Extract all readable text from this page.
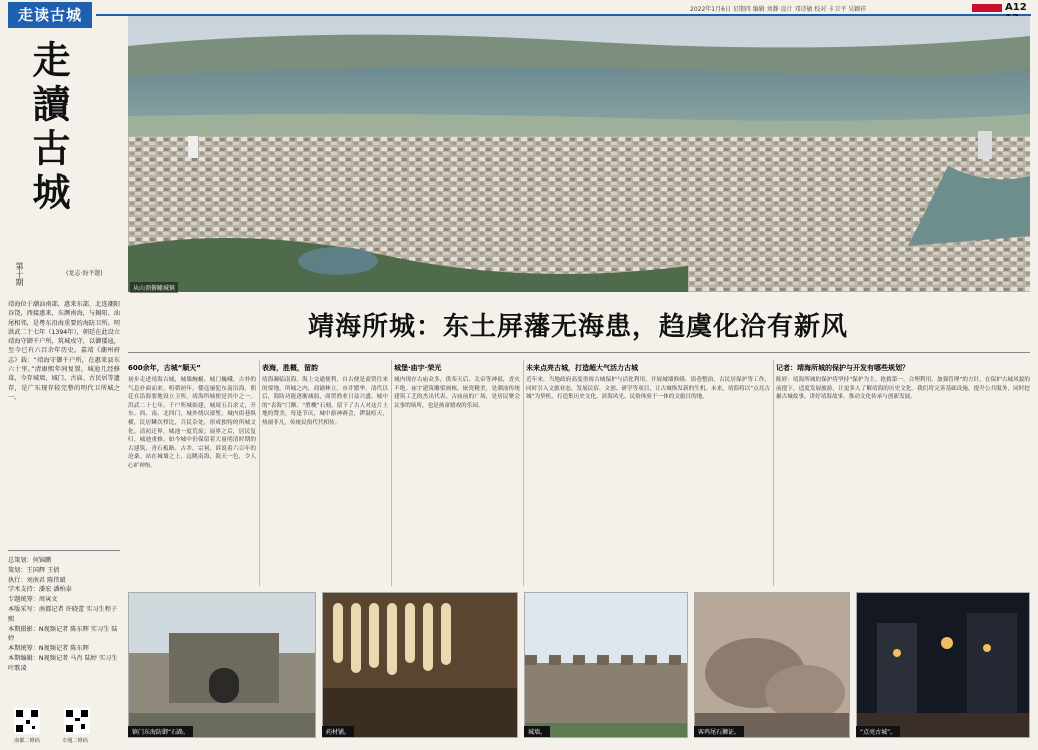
走读古城	2022年1月6日 星期四 编辑 刘静 设计 邓诗敏 校对 卡卫平 吴颖祥	A12
走讀古城
第十期	(龙志·海平题)
从山顶俯瞰城镇
靖海所城：东土屏藩无海患，趋虞化洽有新风
靖海位于潮汕南部，惠来东部，北连潮阳谷饶，西接惠来，东濒南海，与揭阳、汕尾相邻，是粤东沿海重要的海防卫所。明洪武二十七年（1394年），朝廷在此设立靖海守御千户所，筑城戍守，以御倭寇，至今已有六百余年历史。嘉靖《潮州府志》载：“靖海守御千户所，在惠来县东六十里。”清康熙年间复置，城池几经修葺，今存城墙、城门、古庙、古民居等遗存，是广东现存较完整的明代卫所城之一。
总策划：何锦鹏
策划：王国辉 王倩
执行：刘南君 陈伟斌
学术支持：潘宏 潘柏泰
专题统筹：周寅文
本版采写：南都记者 许晓蕾 实习生程子熙
本期摄影：N视频记者 陈东辉 实习生 陆婷
本期统筹：N视频记者 陈东辉
本期编辑：N视频记者 马肖 陆婷 实习生 叶歌凌
南都二维码	专题二维码
600余年，古城“顺天”
初步走进靖海古城，城墙蜿蜒、城门巍峨，古朴的气息扑面而来。明朝初年，倭寇屡犯东南沿海，朝廷在沿海要地设立卫所，靖海所城便是其中之一。洪武二十七年，千户所城始建，城周五百余丈，开东、西、南、北四门，城外绕以濠堑。城内街巷纵横，民居鳞次栉比，兵民杂处，形成独特的所城文化。清初迁界，城池一度荒废；展界之后，居民复归，城池重修。如今城中仍保留着大量明清时期的古建筑，青石板路、古井、宗祠，诉说着六百年的沧桑。站在城墙之上，远眺南海，海天一色，令人心旷神怡。
表海，胜概，留韵
靖海濒临南海，海上交通便利，自古便是商贸往来的要地。所城之内，商铺林立，市井繁华。清代以后，海防功能逐渐减弱，商贸渔业日益兴盛。城中的“表海”门额、“胜概”石刻，留下了古人对这片土地的赞美。每逢节庆，城中游神赛会，锣鼓喧天，热闹非凡，传统民俗代代相传。
城堡·庙宇·荣光
城内现存古庙众多，供奉天后、关帝等神祇，香火不绝。庙宇建筑雕梁画栋，嵌瓷精美，是潮汕传统建筑工艺的杰出代表。古庙前的广场，是居民聚会议事的场所，也是孩童嬉戏的乐园。
未来点亮古城，打造超大气活力古城
近年来，当地政府高度重视古城保护与活化利用，开展城墙修缮、街巷整治、古民居保护等工作，同时引入文旅业态，发展民宿、文创、研学等项目，让古城焕发新的生机。未来，靖海将以“点亮古城”为契机，打造集历史文化、滨海风光、民俗体验于一体的文旅目的地。
记者：靖海所城的保护与开发有哪些规划？
陈婷：靖海所城的保护将坚持“保护为主、抢救第一、合理利用、加强管理”的方针，在保护古城风貌的前提下，适度发展旅游，让更多人了解靖海的历史文化。我们将完善基础设施，提升公共服务，同时挖掘古城故事，讲好靖海故事，推动文化传承与创新发展。
镇门东海防御“石路。	药材铺。	城墙。	客鸡尾石狮证。	“点亮古城”。
